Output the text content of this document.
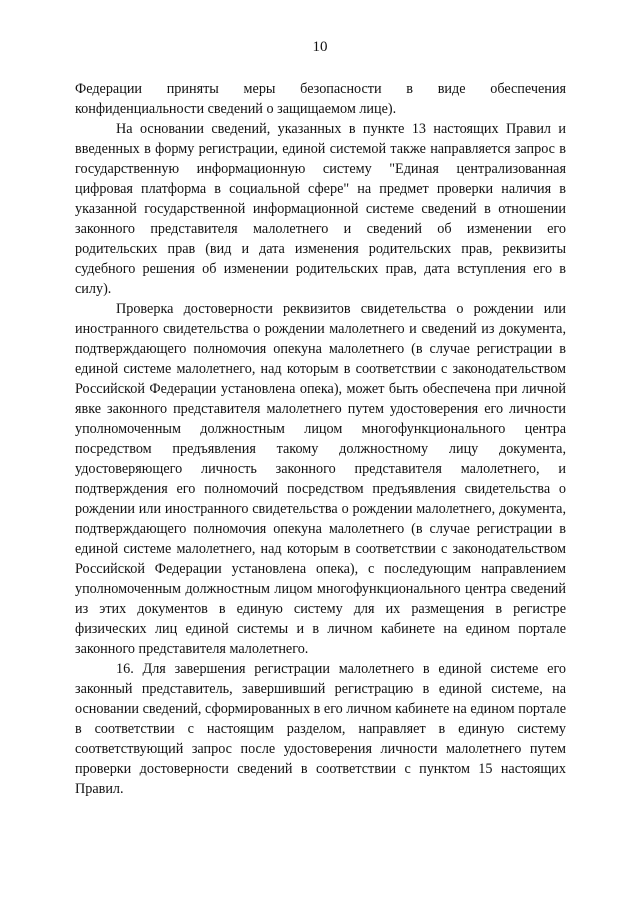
10

Федерации приняты меры безопасности в виде обеспечения конфиденциальности сведений о защищаемом лице).

На основании сведений, указанных в пункте 13 настоящих Правил и введенных в форму регистрации, единой системой также направляется запрос в государственную информационную систему "Единая централизованная цифровая платформа в социальной сфере" на предмет проверки наличия в указанной государственной информационной системе сведений в отношении законного представителя малолетнего и сведений об изменении его родительских прав (вид и дата изменения родительских прав, реквизиты судебного решения об изменении родительских прав, дата вступления его в силу).

Проверка достоверности реквизитов свидетельства о рождении или иностранного свидетельства о рождении малолетнего и сведений из документа, подтверждающего полномочия опекуна малолетнего (в случае регистрации в единой системе малолетнего, над которым в соответствии с законодательством Российской Федерации установлена опека), может быть обеспечена при личной явке законного представителя малолетнего путем удостоверения его личности уполномоченным должностным лицом многофункционального центра посредством предъявления такому должностному лицу документа, удостоверяющего личность законного представителя малолетнего, и подтверждения его полномочий посредством предъявления свидетельства о рождении или иностранного свидетельства о рождении малолетнего, документа, подтверждающего полномочия опекуна малолетнего (в случае регистрации в единой системе малолетнего, над которым в соответствии с законодательством Российской Федерации установлена опека), с последующим направлением уполномоченным должностным лицом многофункционального центра сведений из этих документов в единую систему для их размещения в регистре физических лиц единой системы и в личном кабинете на едином портале законного представителя малолетнего.

16. Для завершения регистрации малолетнего в единой системе его законный представитель, завершивший регистрацию в единой системе, на основании сведений, сформированных в его личном кабинете на едином портале в соответствии с настоящим разделом, направляет в единую систему соответствующий запрос после удостоверения личности малолетнего путем проверки достоверности сведений в соответствии с пунктом 15 настоящих Правил.
